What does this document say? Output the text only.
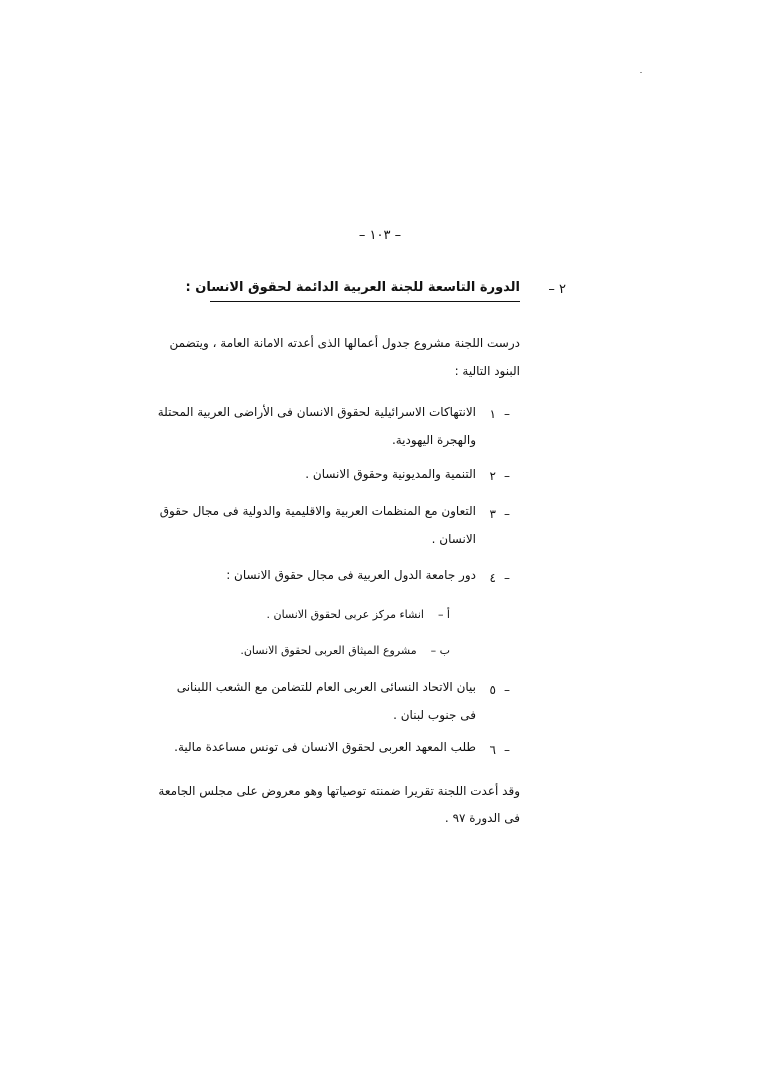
– ١٠٣ –
٢ –
الدورة التاسعة للجنة العربية الدائمة لحقوق الانسان :
درست اللجنة مشروع جدول أعمالها الذى أعدته الامانة العامة ، ويتضمن
البنود التالية :
١ –
الانتهاكات الاسرائيلية لحقوق الانسان فى الأراضى العربية المحتلة
والهجرة اليهودية.
٢ –
التنمية والمديونية وحقوق الانسان .
٣ –
التعاون مع المنظمات العربية والاقليمية والدولية فى مجال حقوق
الانسان .
٤ –
دور جامعة الدول العربية فى مجال حقوق الانسان :
أ –    انشاء مركز عربى لحقوق الانسان .
ب –    مشروع الميثاق العربى لحقوق الانسان.
٥ –
بيان الاتحاد النسائى العربى العام للتضامن مع الشعب اللبنانى
فى جنوب لبنان .
٦ –
طلب المعهد العربى لحقوق الانسان فى تونس مساعدة مالية.
وقد أعدت اللجنة تقريرا ضمنته توصياتها وهو معروض على مجلس الجامعة
فى الدورة ٩٧ .
